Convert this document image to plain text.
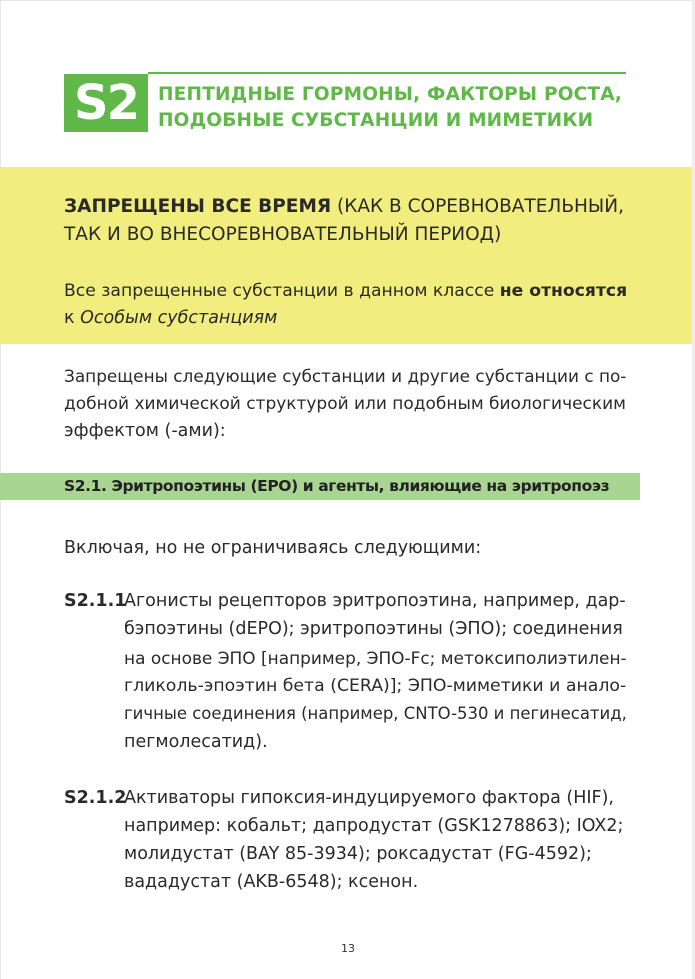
S2	ПЕПТИДНЫЕ ГОРМОНЫ, ФАКТОРЫ РОСТА,
ПОДОБНЫЕ СУБСТАНЦИИ И МИМЕТИКИ
ЗАПРЕЩЕНЫ ВСЕ ВРЕМЯ (КАК В СОРЕВНОВАТЕЛЬНЫЙ,
ТАК И ВО ВНЕСОРЕВНОВАТЕЛЬНЫЙ ПЕРИОД)
Все запрещенные субстанции в данном классе не относятся
к Особым субстанциям
Запрещены следующие субстанции и другие субстанции с по-
добной химической структурой или подобным биологическим
эффектом (-ами):
S2.1. Эритропоэтины (ЕРО) и агенты, влияющие на эритропоэз
Включая, но не ограничиваясь следующими:
S2.1.1
Агонисты рецепторов эритропоэтина, например, дар-
бэпоэтины (dEPO); эритропоэтины (ЭПО); соединения
на основе ЭПО [например, ЭПО-Fc; метоксиполиэтилен-
гликоль-эпоэтин бета (CERA)]; ЭПО-миметики и анало-
гичные соединения (например, CNTO-530 и пегинесатид,
пегмолесатид).
S2.1.2
Активаторы гипоксия-индуцируемого фактора (HIF),
например: кобальт; дапродустат (GSK1278863); IOX2;
молидустат (BAY 85-3934); роксадустат (FG-4592);
вададустат (AKB-6548); ксенон.
13
